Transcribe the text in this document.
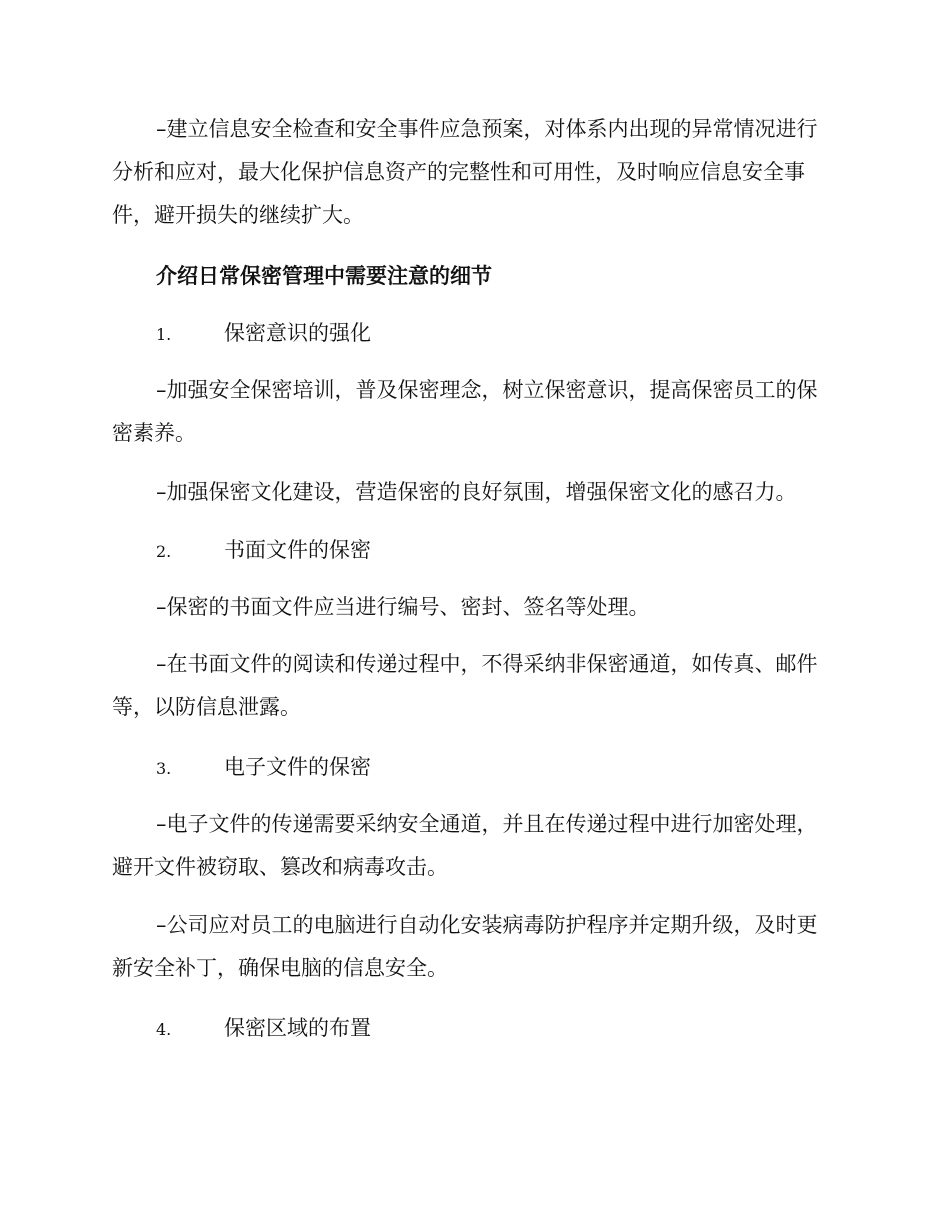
–建立信息安全检查和安全事件应急预案，对体系内出现的异常情况进行分析和应对，最大化保护信息资产的完整性和可用性，及时响应信息安全事件，避开损失的继续扩大。

介绍日常保密管理中需要注意的细节

1.	保密意识的强化

–加强安全保密培训，普及保密理念，树立保密意识，提高保密员工的保密素养。

–加强保密文化建设，营造保密的良好氛围，增强保密文化的感召力。

2.	书面文件的保密

–保密的书面文件应当进行编号、密封、签名等处理。

–在书面文件的阅读和传递过程中，不得采纳非保密通道，如传真、邮件等，以防信息泄露。

3.	电子文件的保密

–电子文件的传递需要采纳安全通道，并且在传递过程中进行加密处理，避开文件被窃取、篡改和病毒攻击。

–公司应对员工的电脑进行自动化安装病毒防护程序并定期升级，及时更新安全补丁，确保电脑的信息安全。

4.	保密区域的布置
